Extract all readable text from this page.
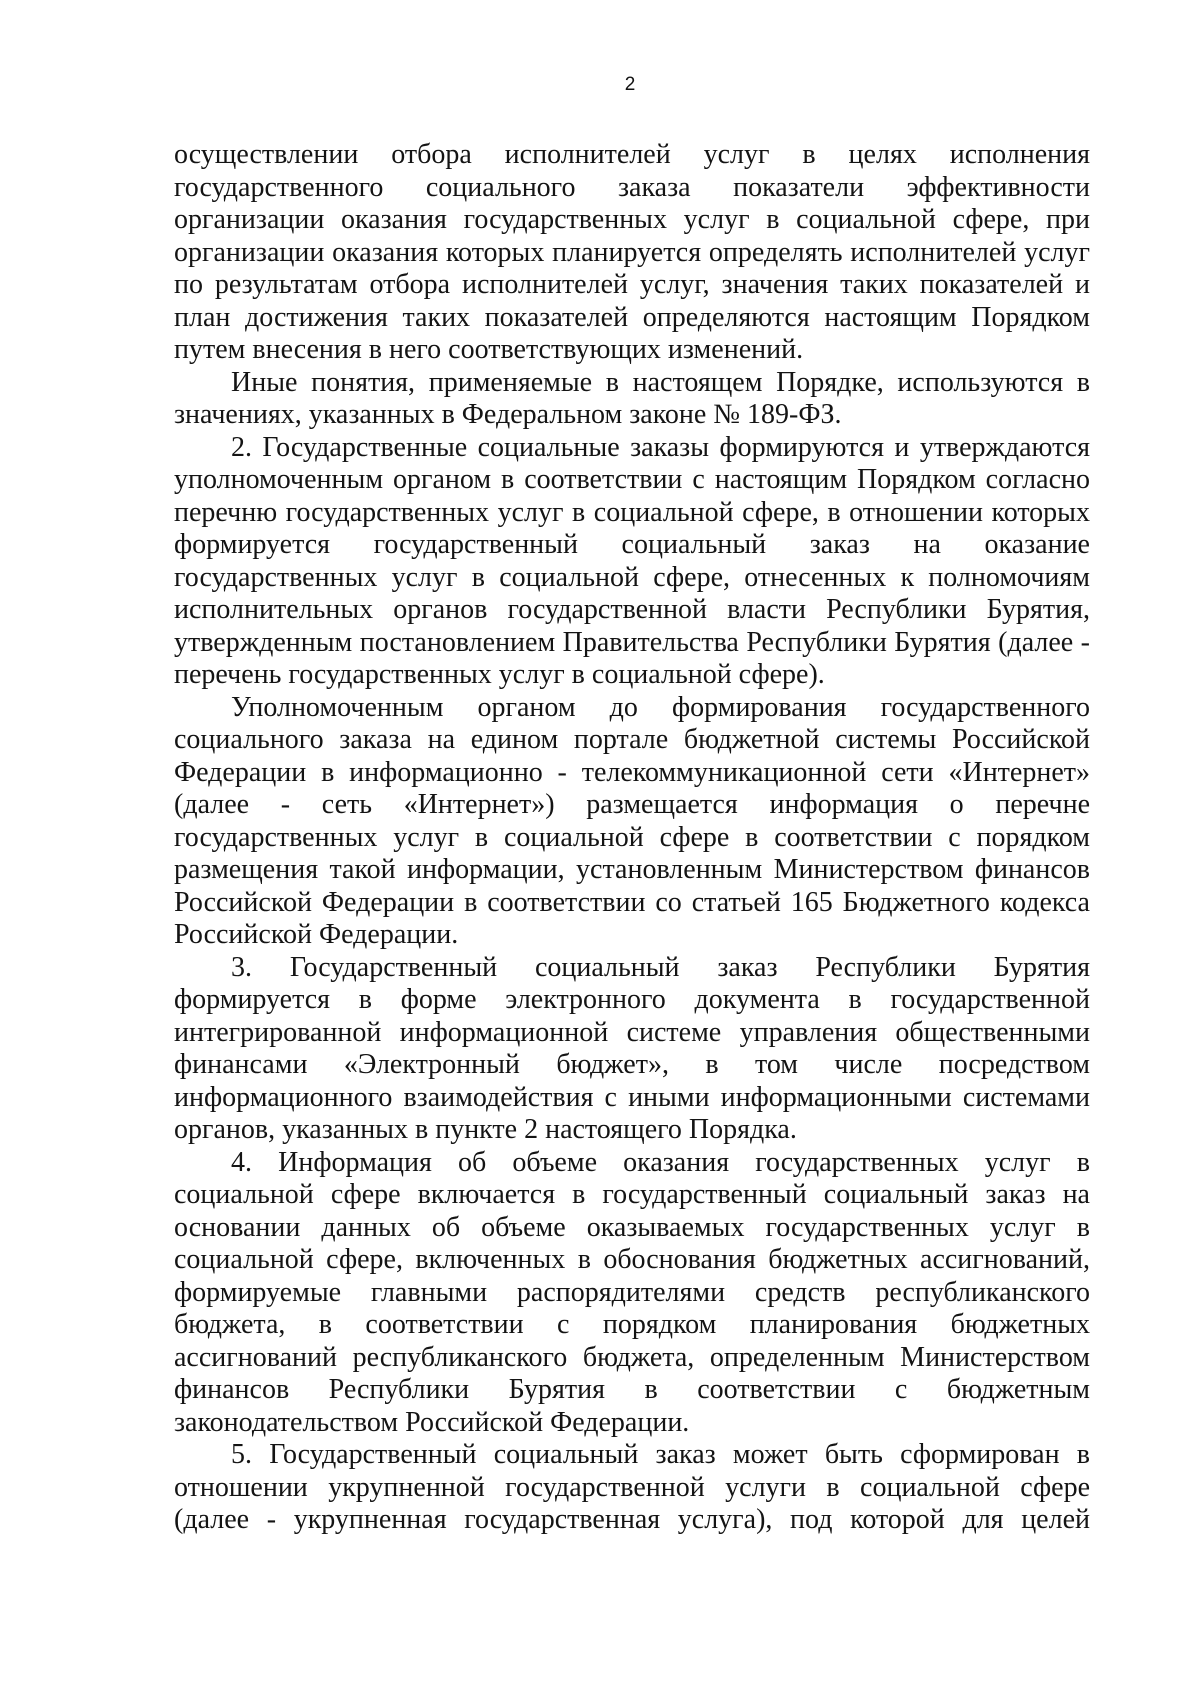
2

осуществлении отбора исполнителей услуг в целях исполнения государственного социального заказа показатели эффективности организации оказания государственных услуг в социальной сфере, при организации оказания которых планируется определять исполнителей услуг по результатам отбора исполнителей услуг, значения таких показателей и план достижения таких показателей определяются настоящим Порядком путем внесения в него соответствующих изменений.

Иные понятия, применяемые в настоящем Порядке, используются в значениях, указанных в Федеральном законе № 189-ФЗ.

2. Государственные социальные заказы формируются и утверждаются уполномоченным органом в соответствии с настоящим Порядком согласно перечню государственных услуг в социальной сфере, в отношении которых формируется государственный социальный заказ на оказание государственных услуг в социальной сфере, отнесенных к полномочиям исполнительных органов государственной власти Республики Бурятия, утвержденным постановлением Правительства Республики Бурятия (далее - перечень государственных услуг в социальной сфере).

Уполномоченным органом до формирования государственного социального заказа на едином портале бюджетной системы Российской Федерации в информационно - телекоммуникационной сети «Интернет» (далее - сеть «Интернет») размещается информация о перечне государственных услуг в социальной сфере в соответствии с порядком размещения такой информации, установленным Министерством финансов Российской Федерации в соответствии со статьей 165 Бюджетного кодекса Российской Федерации.

3. Государственный социальный заказ Республики Бурятия формируется в форме электронного документа в государственной интегрированной информационной системе управления общественными финансами «Электронный бюджет», в том числе посредством информационного взаимодействия с иными информационными системами органов, указанных в пункте 2 настоящего Порядка.

4. Информация об объеме оказания государственных услуг в социальной сфере включается в государственный социальный заказ на основании данных об объеме оказываемых государственных услуг в социальной сфере, включенных в обоснования бюджетных ассигнований, формируемые главными распорядителями средств республиканского бюджета, в соответствии с порядком планирования бюджетных ассигнований республиканского бюджета, определенным Министерством финансов Республики Бурятия в соответствии с бюджетным законодательством Российской Федерации.

5. Государственный социальный заказ может быть сформирован в отношении укрупненной государственной услуги в социальной сфере (далее - укрупненная государственная услуга), под которой для целей
